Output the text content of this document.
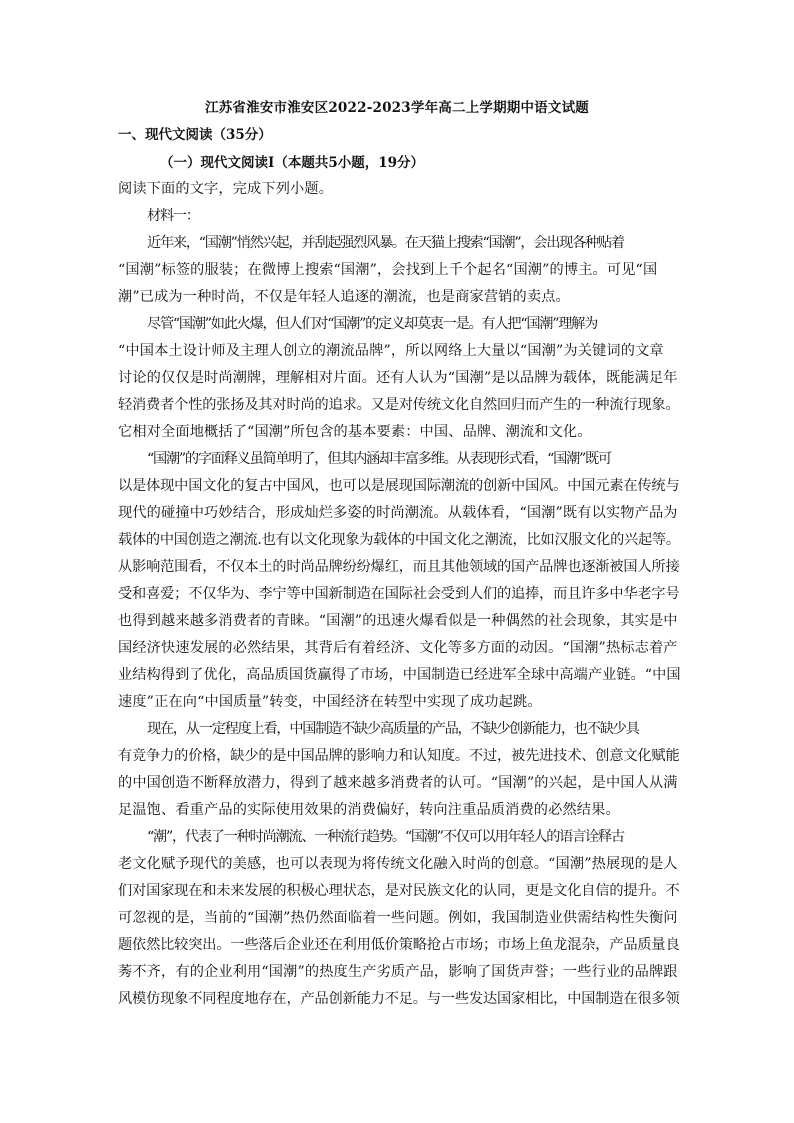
江苏省淮安市淮安区2022-2023学年高二上学期期中语文试题
一、现代文阅读（35分）
（一）现代文阅读Ⅰ（本题共5小题，19分）
阅读下面的文字，完成下列小题。
材料一：
近年来，“国潮”悄然兴起，并刮起强烈风暴。在天猫上搜索“国潮”，会出现各种贴着
“国潮”标签的服装；在微博上搜索“国潮”，会找到上千个起名“国潮”的博主。可见“国
潮”已成为一种时尚，不仅是年轻人追逐的潮流，也是商家营销的卖点。
尽管“国潮”如此火爆，但人们对“国潮”的定义却莫衷一是。有人把“国潮”理解为
“中国本土设计师及主理人创立的潮流品牌”，所以网络上大量以“国潮”为关键词的文章
讨论的仅仅是时尚潮牌，理解相对片面。还有人认为“国潮”是以品牌为载体，既能满足年
轻消费者个性的张扬及其对时尚的追求。又是对传统文化自然回归而产生的一种流行现象。
它相对全面地概括了“国潮”所包含的基本要素：中国、品牌、潮流和文化。
“国潮”的字面释义虽简单明了，但其内涵却丰富多维。从表现形式看，“国潮”既可
以是体现中国文化的复古中国风，也可以是展现国际潮流的创新中国风。中国元素在传统与
现代的碰撞中巧妙结合，形成灿烂多姿的时尚潮流。从载体看，“国潮”既有以实物产品为
载体的中国创造之潮流.也有以文化现象为载体的中国文化之潮流，比如汉服文化的兴起等。
从影响范围看，不仅本土的时尚品牌纷纷爆红，而且其他领域的国产品牌也逐渐被国人所接
受和喜爱；不仅华为、李宁等中国新制造在国际社会受到人们的追捧，而且许多中华老字号
也得到越来越多消费者的青睐。“国潮”的迅速火爆看似是一种偶然的社会现象，其实是中
国经济快速发展的必然结果，其背后有着经济、文化等多方面的动因。“国潮”热标志着产
业结构得到了优化，高品质国货赢得了市场，中国制造已经进军全球中高端产业链。“中国
速度”正在向“中国质量”转变，中国经济在转型中实现了成功起跳。
现在，从一定程度上看，中国制造不缺少高质量的产品，不缺少创新能力，也不缺少具
有竞争力的价格，缺少的是中国品牌的影响力和认知度。不过，被先进技术、创意文化赋能
的中国创造不断释放潜力，得到了越来越多消费者的认可。“国潮”的兴起，是中国人从满
足温饱、看重产品的实际使用效果的消费偏好，转向注重品质消费的必然结果。
“潮”，代表了一种时尚潮流、一种流行趋势。“国潮”不仅可以用年轻人的语言诠释古
老文化赋予现代的美感，也可以表现为将传统文化融入时尚的创意。“国潮”热展现的是人
们对国家现在和未来发展的积极心理状态，是对民族文化的认同，更是文化自信的提升。不
可忽视的是，当前的“国潮”热仍然面临着一些问题。例如，我国制造业供需结构性失衡问
题依然比较突出。一些落后企业还在利用低价策略抢占市场；市场上鱼龙混杂，产品质量良
莠不齐，有的企业利用“国潮”的热度生产劣质产品，影响了国货声誉；一些行业的品牌跟
风模仿现象不同程度地存在，产品创新能力不足。与一些发达国家相比，中国制造在很多领
